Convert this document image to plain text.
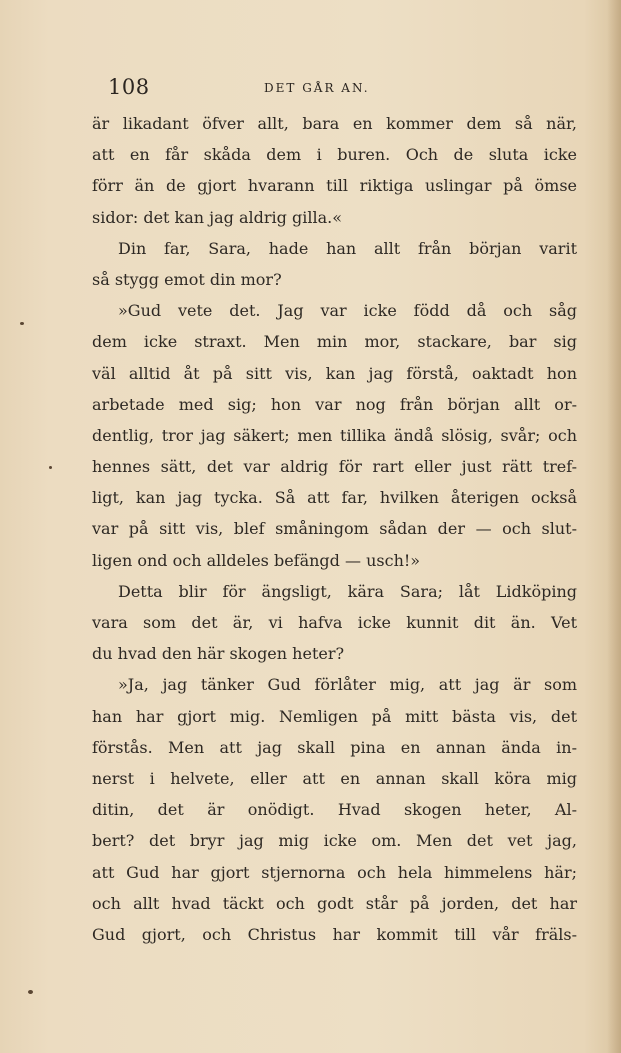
108	DET GÅR AN.
är likadant öfver allt, bara en kommer dem så när,
att en får skåda dem i buren. Och de sluta icke
förr än de gjort hvarann till riktiga uslingar på ömse
sidor: det kan jag aldrig gilla.«
Din far, Sara, hade han allt från början varit
så stygg emot din mor?
»Gud vete det. Jag var icke född då och såg
dem icke straxt. Men min mor, stackare, bar sig
väl alltid åt på sitt vis, kan jag förstå, oaktadt hon
arbetade med sig; hon var nog från början allt or-
dentlig, tror jag säkert; men tillika ändå slösig, svår; och
hennes sätt, det var aldrig för rart eller just rätt tref-
ligt, kan jag tycka. Så att far, hvilken återigen också
var på sitt vis, blef småningom sådan der — och slut-
ligen ond och alldeles befängd — usch!»
Detta blir för ängsligt, kära Sara; låt Lidköping
vara som det är, vi hafva icke kunnit dit än. Vet
du hvad den här skogen heter?
»Ja, jag tänker Gud förlåter mig, att jag är som
han har gjort mig. Nemligen på mitt bästa vis, det
förstås. Men att jag skall pina en annan ända in-
nerst i helvete, eller att en annan skall köra mig
ditin, det är onödigt. Hvad skogen heter, Al-
bert? det bryr jag mig icke om. Men det vet jag,
att Gud har gjort stjernorna och hela himmelens här;
och allt hvad täckt och godt står på jorden, det har
Gud gjort, och Christus har kommit till vår fräls-
